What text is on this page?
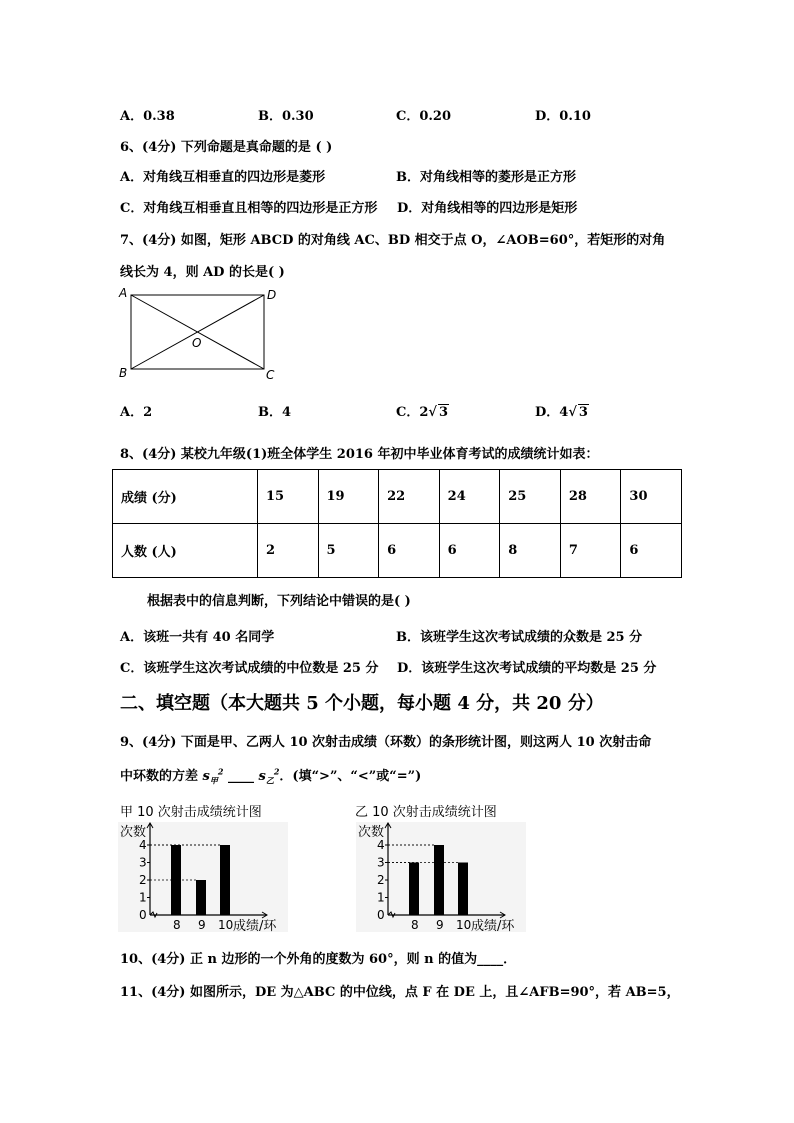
A．0.38	B．0.30	C．0.20	D．0.10
6、(4分) 下列命题是真命题的是 ( )
A．对角线互相垂直的四边形是菱形	B．对角线相等的菱形是正方形
C．对角线互相垂直且相等的四边形是正方形 D．对角线相等的四边形是矩形
7、(4分) 如图，矩形 ABCD 的对角线 AC、BD 相交于点 O，∠AOB=60°，若矩形的对角
线长为 4，则 AD 的长是( )
A	D
B	C
O
A．2	B．4	C．2√ 3	D．4√ 3
8、(4分) 某校九年级(1)班全体学生 2016 年初中毕业体育考试的成绩统计如表：
成绩 (分)	15	19	22	24	25	28	30
人数 (人)	2	5	6	6	8	7	6
根据表中的信息判断，下列结论中错误的是( )
A．该班一共有 40 名同学	B．该班学生这次考试成绩的众数是 25 分
C．该班学生这次考试成绩的中位数是 25 分 D．该班学生这次考试成绩的平均数是 25 分
二、填空题（本大题共 5 个小题，每小题 4 分，共 20 分）
9、(4分) 下面是甲、乙两人 10 次射击成绩（环数）的条形统计图，则这两人 10 次射击命
中环数的方差 $s_甲^2$ ____ $s_乙^2$．(填“>”、“<”或“=”)
甲 10 次射击成绩统计图	乙 10 次射击成绩统计图
次数
0
1
2
3
4
8 9 10 成绩/环
次数
0
1
2
3
4
8 9 10 成绩/环
10、(4分) 正 n 边形的一个外角的度数为 60°，则 n 的值为____．
11、(4分) 如图所示，DE 为△ABC 的中位线，点 F 在 DE 上，且∠AFB=90°，若 AB=5，
